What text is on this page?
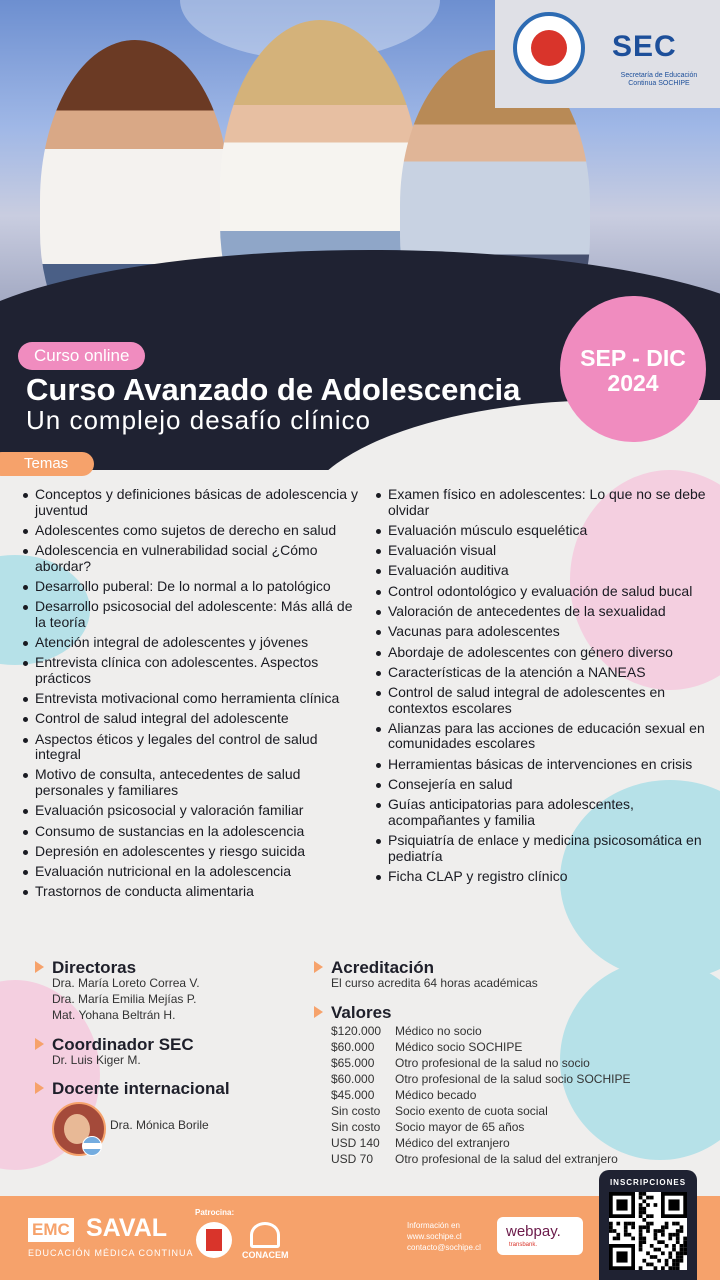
SEC
Secretaría de Educación Continua SOCHIPE
Curso online
Curso Avanzado de Adolescencia
Un complejo desafío clínico
SEP - DIC
2024
Temas
Conceptos y definiciones básicas de adolescencia y juventud
Adolescentes como sujetos de derecho en salud
Adolescencia en vulnerabilidad social ¿Cómo abordar?
Desarrollo puberal: De lo normal a lo patológico
Desarrollo psicosocial del adolescente: Más allá de la teoría
Atención integral de adolescentes y jóvenes
Entrevista clínica con adolescentes. Aspectos prácticos
Entrevista motivacional como herramienta clínica
Control de salud integral del adolescente
Aspectos éticos y legales del control de salud integral
Motivo de consulta, antecedentes de salud personales y familiares
Evaluación psicosocial y valoración familiar
Consumo de sustancias en la adolescencia
Depresión en adolescentes y riesgo suicida
Evaluación nutricional en la adolescencia
Trastornos de conducta alimentaria
Examen físico en adolescentes: Lo que no se debe olvidar
Evaluación músculo esquelética
Evaluación visual
Evaluación auditiva
Control odontológico y evaluación de salud bucal
Valoración de antecedentes de la sexualidad
Vacunas para adolescentes
Abordaje de adolescentes con género diverso
Características de la atención a NANEAS
Control de salud integral de adolescentes en contextos escolares
Alianzas para las acciones de educación sexual en comunidades escolares
Herramientas básicas de intervenciones en crisis
Consejería en salud
Guías anticipatorias para adolescentes, acompañantes y familia
Psiquiatría de enlace y medicina psicosomática en pediatría
Ficha CLAP y registro clínico
Directoras
Dra. María Loreto Correa V.
Dra. María Emilia Mejías P.
Mat. Yohana Beltrán H.
Coordinador SEC
Dr. Luis Kiger M.
Docente internacional
Dra. Mónica Borile
Acreditación
El curso acredita 64 horas académicas
Valores
$120.000 Médico no socio
$60.000 Médico socio SOCHIPE
$65.000 Otro profesional de la salud no socio
$60.000 Otro profesional de la salud socio SOCHIPE
$45.000 Médico becado
Sin costo Socio exento de cuota social
Sin costo Socio mayor de 65 años
USD 140 Médico del extranjero
USD 70 Otro profesional de la salud del extranjero
EMC SAVAL
EDUCACIÓN MÉDICA CONTINUA
Patrocina:
CONACEM
Información en
www.sochipe.cl
contacto@sochipe.cl
webpay.
transbank.
INSCRIPCIONES
